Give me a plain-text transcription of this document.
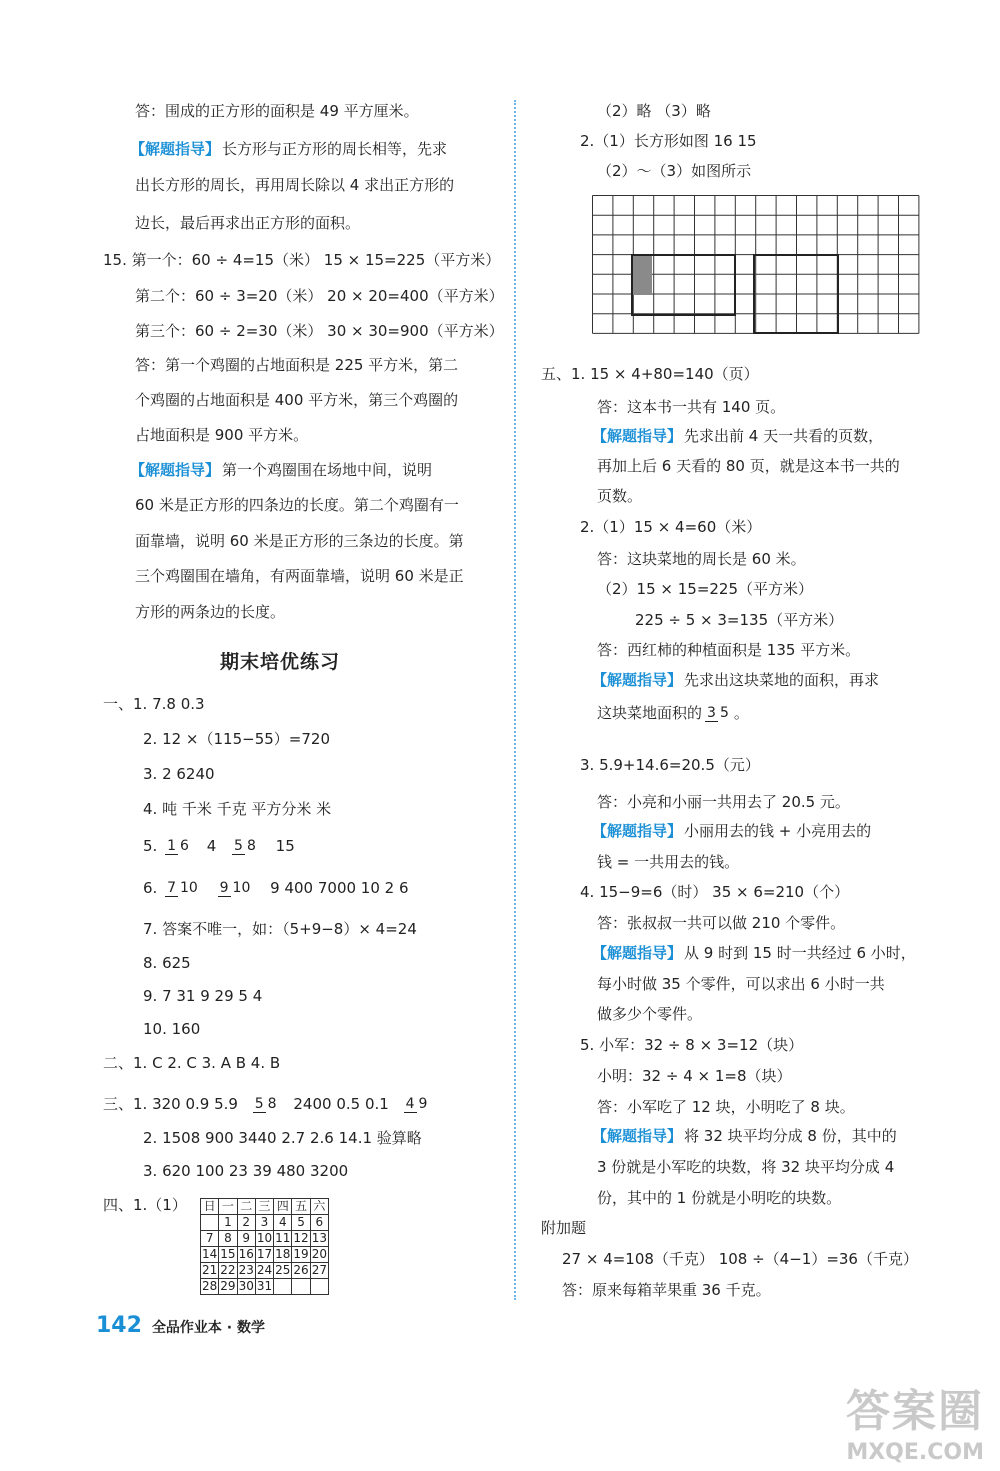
答：围成的正方形的面积是 49 平方厘米。
【解题指导】 长方形与正方形的周长相等，先求
出长方形的周长，再用周长除以 4 求出正方形的
边长，最后再求出正方形的面积。
15. 第一个：60 ÷ 4=15（米） 15 × 15=225（平方米）
第二个：60 ÷ 3=20（米） 20 × 20=400（平方米）
第三个：60 ÷ 2=30（米） 30 × 30=900（平方米）
答：第一个鸡圈的占地面积是 225 平方米，第二
个鸡圈的占地面积是 400 平方米，第三个鸡圈的
占地面积是 900 平方米。
【解题指导】 第一个鸡圈围在场地中间，说明
60 米是正方形的四条边的长度。第二个鸡圈有一
面靠墙，说明 60 米是正方形的三条边的长度。第
三个鸡圈围在墙角，有两面靠墙，说明 60 米是正
方形的两条边的长度。
期末培优练习
一、1. 7.8 0.3
2. 12 ×（115−55）=720
3. 2 6240
4. 吨 千米 千克 平方分米 米
5. 1 6 4 5 8 15
6. 7 10 9 10 9 400 7000 10 2 6
7. 答案不唯一，如：（5+9−8）× 4=24
8. 625
9. 7 31 9 29 5 4
10. 160
二、1. C 2. C 3. A B 4. B
三、1. 320 0.9 5.9 5 8 2400 0.5 0.1 4 9
2. 1508 900 3440 2.7 2.6 14.1 验算略
3. 620 100 23 39 480 3200
四、1.（1） 日	一	二	三	四	五	六
	1	2	3	4	5	6
7	8	9	10	11	12	13
14	15	16	17	18	19	20
21	22	23	24	25	26	27
28	29	30	31			
（2）略 （3）略
2.（1）长方形如图 16 15
（2）～（3）如图所示
五、1. 15 × 4+80=140（页）
答：这本书一共有 140 页。
【解题指导】 先求出前 4 天一共看的页数，
再加上后 6 天看的 80 页，就是这本书一共的
页数。
2.（1）15 × 4=60（米）
答：这块菜地的周长是 60 米。
（2）15 × 15=225（平方米）
225 ÷ 5 × 3=135（平方米）
答：西红柿的种植面积是 135 平方米。
【解题指导】 先求出这块菜地的面积，再求
这块菜地面积的 3 5 。
3. 5.9+14.6=20.5（元）
答：小亮和小丽一共用去了 20.5 元。
【解题指导】 小丽用去的钱 + 小亮用去的
钱 = 一共用去的钱。
4. 15−9=6（时） 35 × 6=210（个）
答：张叔叔一共可以做 210 个零件。
【解题指导】 从 9 时到 15 时一共经过 6 小时，
每小时做 35 个零件，可以求出 6 小时一共
做多少个零件。
5. 小军：32 ÷ 8 × 3=12（块）
小明：32 ÷ 4 × 1=8（块）
答：小军吃了 12 块，小明吃了 8 块。
【解题指导】 将 32 块平均分成 8 份，其中的
3 份就是小军吃的块数，将 32 块平均分成 4
份，其中的 1 份就是小明吃的块数。
附加题
27 × 4=108（千克） 108 ÷（4−1）=36（千克）
答：原来每箱苹果重 36 千克。
142 全品作业本 · 数学
答案圈
MXQE.COM
